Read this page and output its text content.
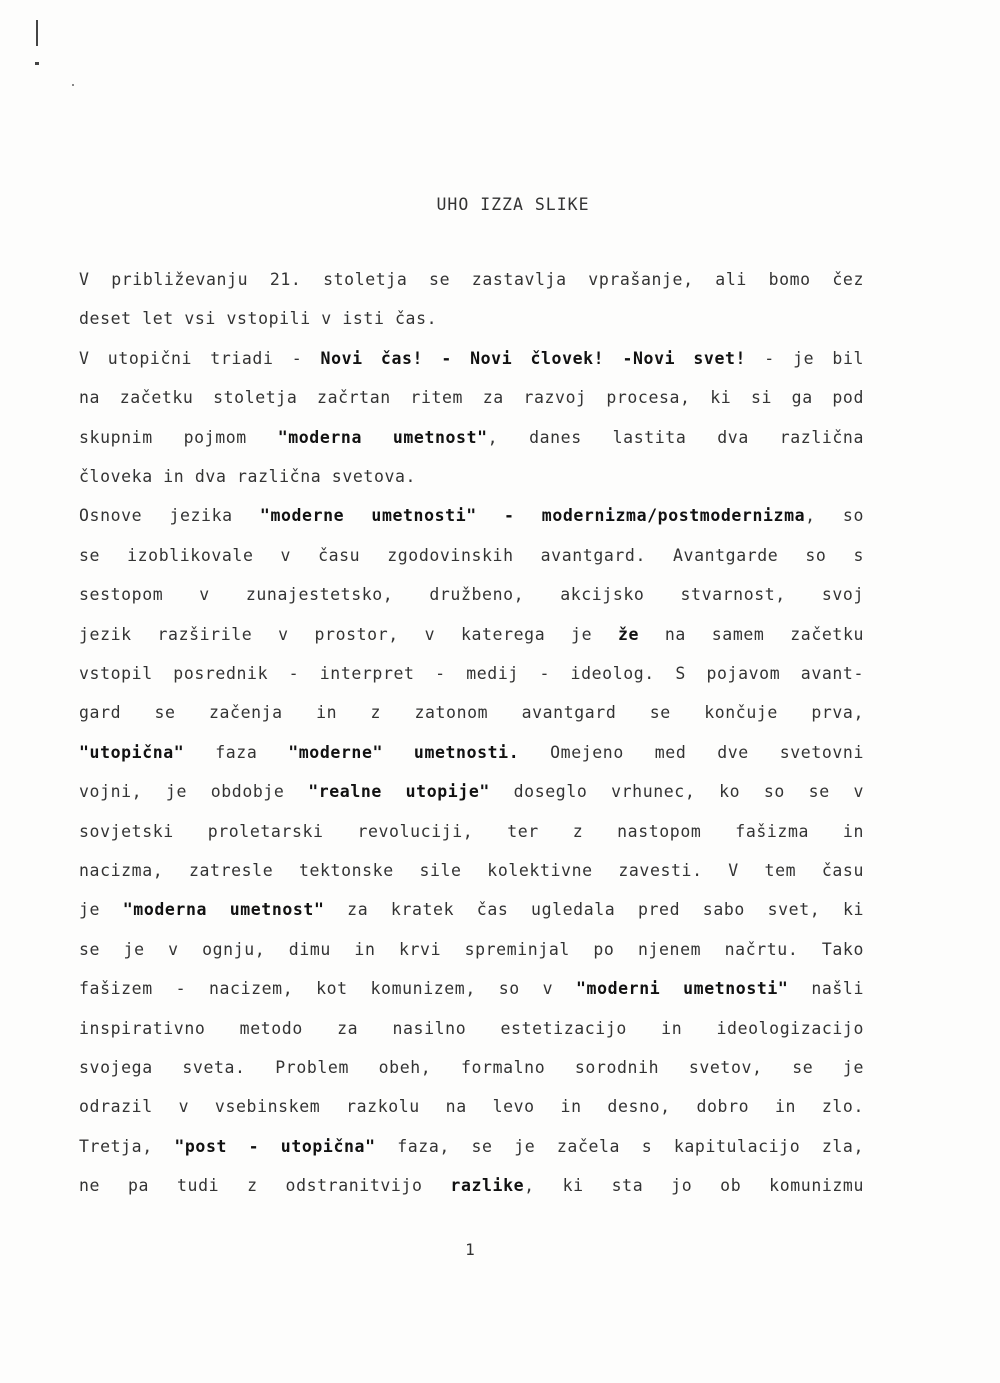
UHO IZZA SLIKE
V približevanju 21. stoletja se zastavlja vprašanje, ali bomo čez
deset let vsi vstopili v isti čas.
V utopični triadi - Novi čas! - Novi človek! -Novi svet! - je bil
na začetku stoletja začrtan ritem za razvoj procesa, ki si ga pod
skupnim pojmom "moderna umetnost", danes lastita dva različna
človeka in dva različna svetova.
Osnove jezika "moderne umetnosti" - modernizma/postmodernizma, so
se izoblikovale v času zgodovinskih avantgard. Avantgarde so s
sestopom v zunajestetsko, družbeno, akcijsko stvarnost, svoj
jezik razširile v prostor, v katerega je že na samem začetku
vstopil posrednik - interpret - medij - ideolog. S pojavom avant-
gard se začenja in z zatonom avantgard se končuje prva,
"utopična" faza "moderne" umetnosti. Omejeno med dve svetovni
vojni, je obdobje "realne utopije" doseglo vrhunec, ko so se v
sovjetski proletarski revoluciji, ter z nastopom fašizma in
nacizma, zatresle tektonske sile kolektivne zavesti. V tem času
je "moderna umetnost" za kratek čas ugledala pred sabo svet, ki
se je v ognju, dimu in krvi spreminjal po njenem načrtu. Tako
fašizem - nacizem, kot komunizem, so v "moderni umetnosti" našli
inspirativno metodo za nasilno estetizacijo in ideologizacijo
svojega sveta. Problem obeh, formalno sorodnih svetov, se je
odrazil v vsebinskem razkolu na levo in desno, dobro in zlo.
Tretja, "post - utopična" faza, se je začela s kapitulacijo zla,
ne pa tudi z odstranitvijo razlike, ki sta jo ob komunizmu
1
